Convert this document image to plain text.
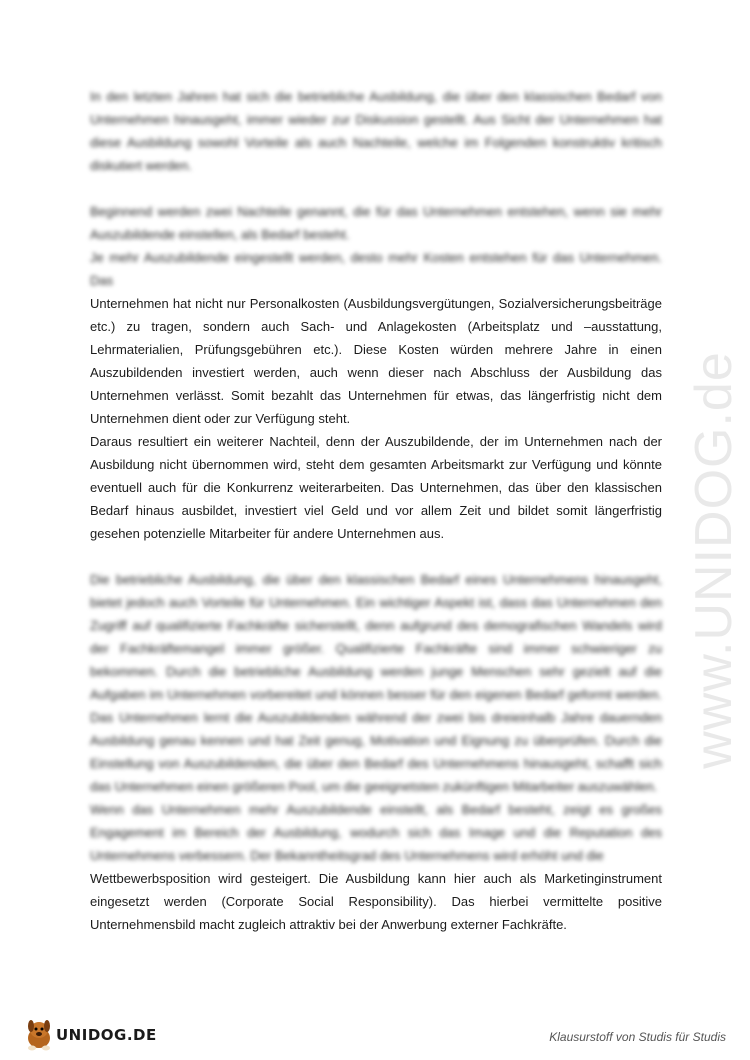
www.UNIDOG.de

In den letzten Jahren hat sich die betriebliche Ausbildung, die über den klassischen Bedarf von Unternehmen hinausgeht, immer wieder zur Diskussion gestellt. Aus Sicht der Unternehmen hat diese Ausbildung sowohl Vorteile als auch Nachteile, welche im Folgenden konstruktiv kritisch diskutiert werden.

Beginnend werden zwei Nachteile genannt, die für das Unternehmen entstehen, wenn sie mehr Auszubildende einstellen, als Bedarf besteht.

Je mehr Auszubildende eingestellt werden, desto mehr Kosten entstehen für das Unternehmen. Das

Unternehmen hat nicht nur Personalkosten (Ausbildungsvergütungen, Sozialversicherungsbeiträge etc.) zu tragen, sondern auch Sach- und Anlagekosten (Arbeitsplatz und –ausstattung, Lehrmaterialien, Prüfungsgebühren etc.). Diese Kosten würden mehrere Jahre in einen Auszubildenden investiert werden, auch wenn dieser nach Abschluss der Ausbildung das Unternehmen verlässt. Somit bezahlt das Unternehmen für etwas, das längerfristig nicht dem Unternehmen dient oder zur Verfügung steht.

Daraus resultiert ein weiterer Nachteil, denn der Auszubildende, der im Unternehmen nach der Ausbildung nicht übernommen wird, steht dem gesamten Arbeitsmarkt zur Verfügung und könnte eventuell auch für die Konkurrenz weiterarbeiten. Das Unternehmen, das über den klassischen Bedarf hinaus ausbildet, investiert viel Geld und vor allem Zeit und bildet somit längerfristig gesehen potenzielle Mitarbeiter für andere Unternehmen aus.

Die betriebliche Ausbildung, die über den klassischen Bedarf eines Unternehmens hinausgeht, bietet jedoch auch Vorteile für Unternehmen. Ein wichtiger Aspekt ist, dass das Unternehmen den Zugriff auf qualifizierte Fachkräfte sicherstellt, denn aufgrund des demografischen Wandels wird der Fachkräftemangel immer größer. Qualifizierte Fachkräfte sind immer schwieriger zu bekommen. Durch die betriebliche Ausbildung werden junge Menschen sehr gezielt auf die Aufgaben im Unternehmen vorbereitet und können besser für den eigenen Bedarf geformt werden. Das Unternehmen lernt die Auszubildenden während der zwei bis dreieinhalb Jahre dauernden Ausbildung genau kennen und hat Zeit genug, Motivation und Eignung zu überprüfen. Durch die Einstellung von Auszubildenden, die über den Bedarf des Unternehmens hinausgeht, schafft sich das Unternehmen einen größeren Pool, um die geeignetsten zukünftigen Mitarbeiter auszuwählen.

Wenn das Unternehmen mehr Auszubildende einstellt, als Bedarf besteht, zeigt es großes Engagement im Bereich der Ausbildung, wodurch sich das Image und die Reputation des Unternehmens verbessern. Der Bekanntheitsgrad des Unternehmens wird erhöht und die

Wettbewerbsposition wird gesteigert. Die Ausbildung kann hier auch als Marketinginstrument eingesetzt werden (Corporate Social Responsibility). Das hierbei vermittelte positive Unternehmensbild macht zugleich attraktiv bei der Anwerbung externer Fachkräfte.

UNIDOG.DE	Klausurstoff von Studis für Studis
